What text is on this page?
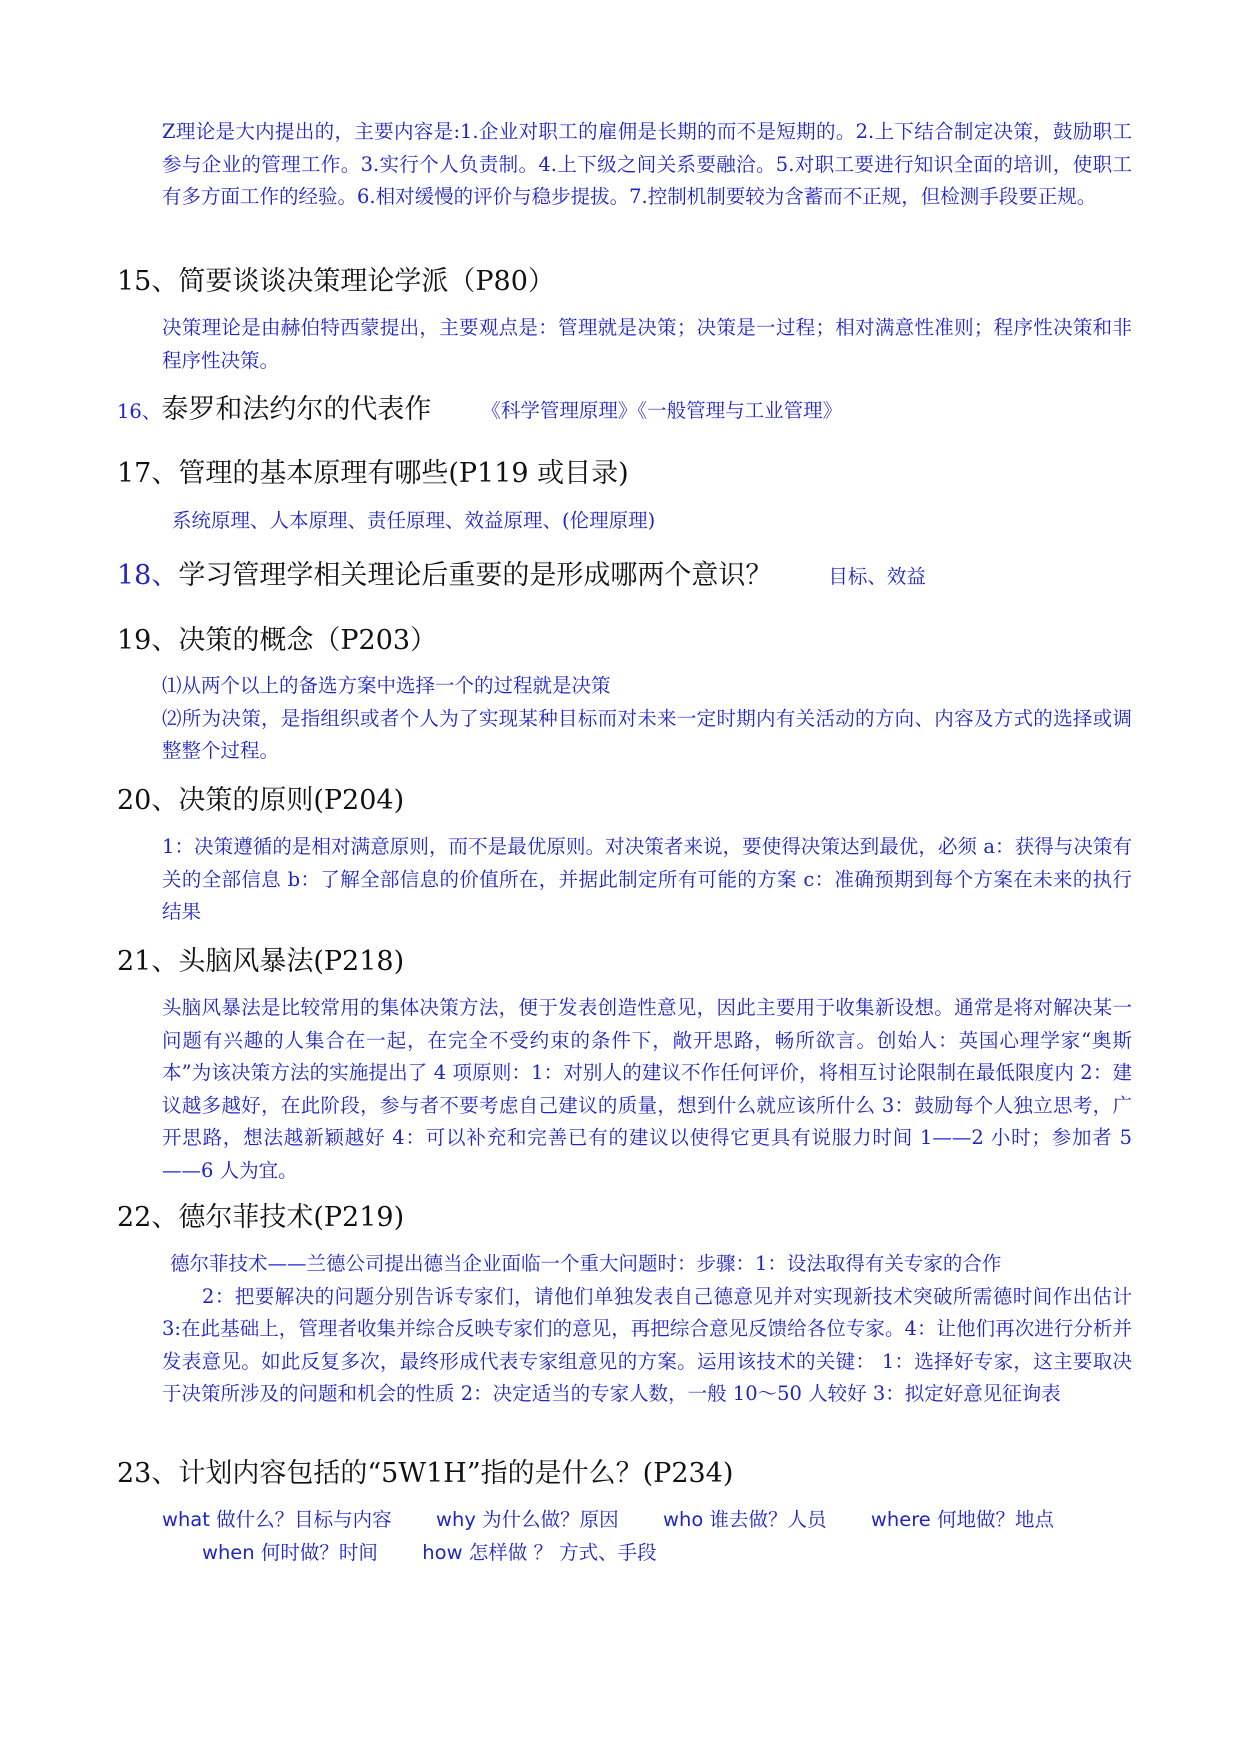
Z理论是大内提出的，主要内容是:1.企业对职工的雇佣是长期的而不是短期的。2.上下结合制定决策，鼓励职工参与企业的管理工作。3.实行个人负责制。4.上下级之间关系要融洽。5.对职工要进行知识全面的培训，使职工有多方面工作的经验。6.相对缓慢的评价与稳步提拔。7.控制机制要较为含蓄而不正规，但检测手段要正规。
15、简要谈谈决策理论学派（P80）
决策理论是由赫伯特西蒙提出，主要观点是：管理就是决策；决策是一过程；相对满意性准则；程序性决策和非程序性决策。
16、泰罗和法约尔的代表作	《科学管理原理》《一般管理与工业管理》
17、管理的基本原理有哪些(P119 或目录)
系统原理、人本原理、责任原理、效益原理、(伦理原理)
18、学习管理学相关理论后重要的是形成哪两个意识？	目标、效益
19、决策的概念（P203）
⑴从两个以上的备选方案中选择一个的过程就是决策
⑵所为决策，是指组织或者个人为了实现某种目标而对未来一定时期内有关活动的方向、内容及方式的选择或调整整个过程。
20、决策的原则(P204)
1：决策遵循的是相对满意原则，而不是最优原则。对决策者来说，要使得决策达到最优，必须 a：获得与决策有关的全部信息 b：了解全部信息的价值所在，并据此制定所有可能的方案 c：准确预期到每个方案在未来的执行结果
21、头脑风暴法(P218)
头脑风暴法是比较常用的集体决策方法，便于发表创造性意见，因此主要用于收集新设想。通常是将对解决某一问题有兴趣的人集合在一起，在完全不受约束的条件下，敞开思路，畅所欲言。创始人：英国心理学家“奥斯本”为该决策方法的实施提出了 4 项原则：1：对别人的建议不作任何评价，将相互讨论限制在最低限度内 2：建议越多越好，在此阶段，参与者不要考虑自己建议的质量，想到什么就应该所什么 3：鼓励每个人独立思考，广开思路，想法越新颖越好 4：可以补充和完善已有的建议以使得它更具有说服力时间 1——2 小时；参加者 5——6 人为宜。
22、德尔菲技术(P219)
德尔菲技术——兰德公司提出德当企业面临一个重大问题时：步骤：1：设法取得有关专家的合作
2：把要解决的问题分别告诉专家们，请他们单独发表自己德意见并对实现新技术突破所需德时间作出估计 3:在此基础上，管理者收集并综合反映专家们的意见，再把综合意见反馈给各位专家。4：让他们再次进行分析并发表意见。如此反复多次，最终形成代表专家组意见的方案。运用该技术的关键： 1：选择好专家，这主要取决于决策所涉及的问题和机会的性质 2：决定适当的专家人数，一般 10～50 人较好 3：拟定好意见征询表
23、计划内容包括的“5W1H”指的是什么？(P234)
what 做什么？目标与内容 why 为什么做？原因 who 谁去做？人员 where 何地做？地点
when 何时做？时间 how 怎样做 ？ 方式、手段
